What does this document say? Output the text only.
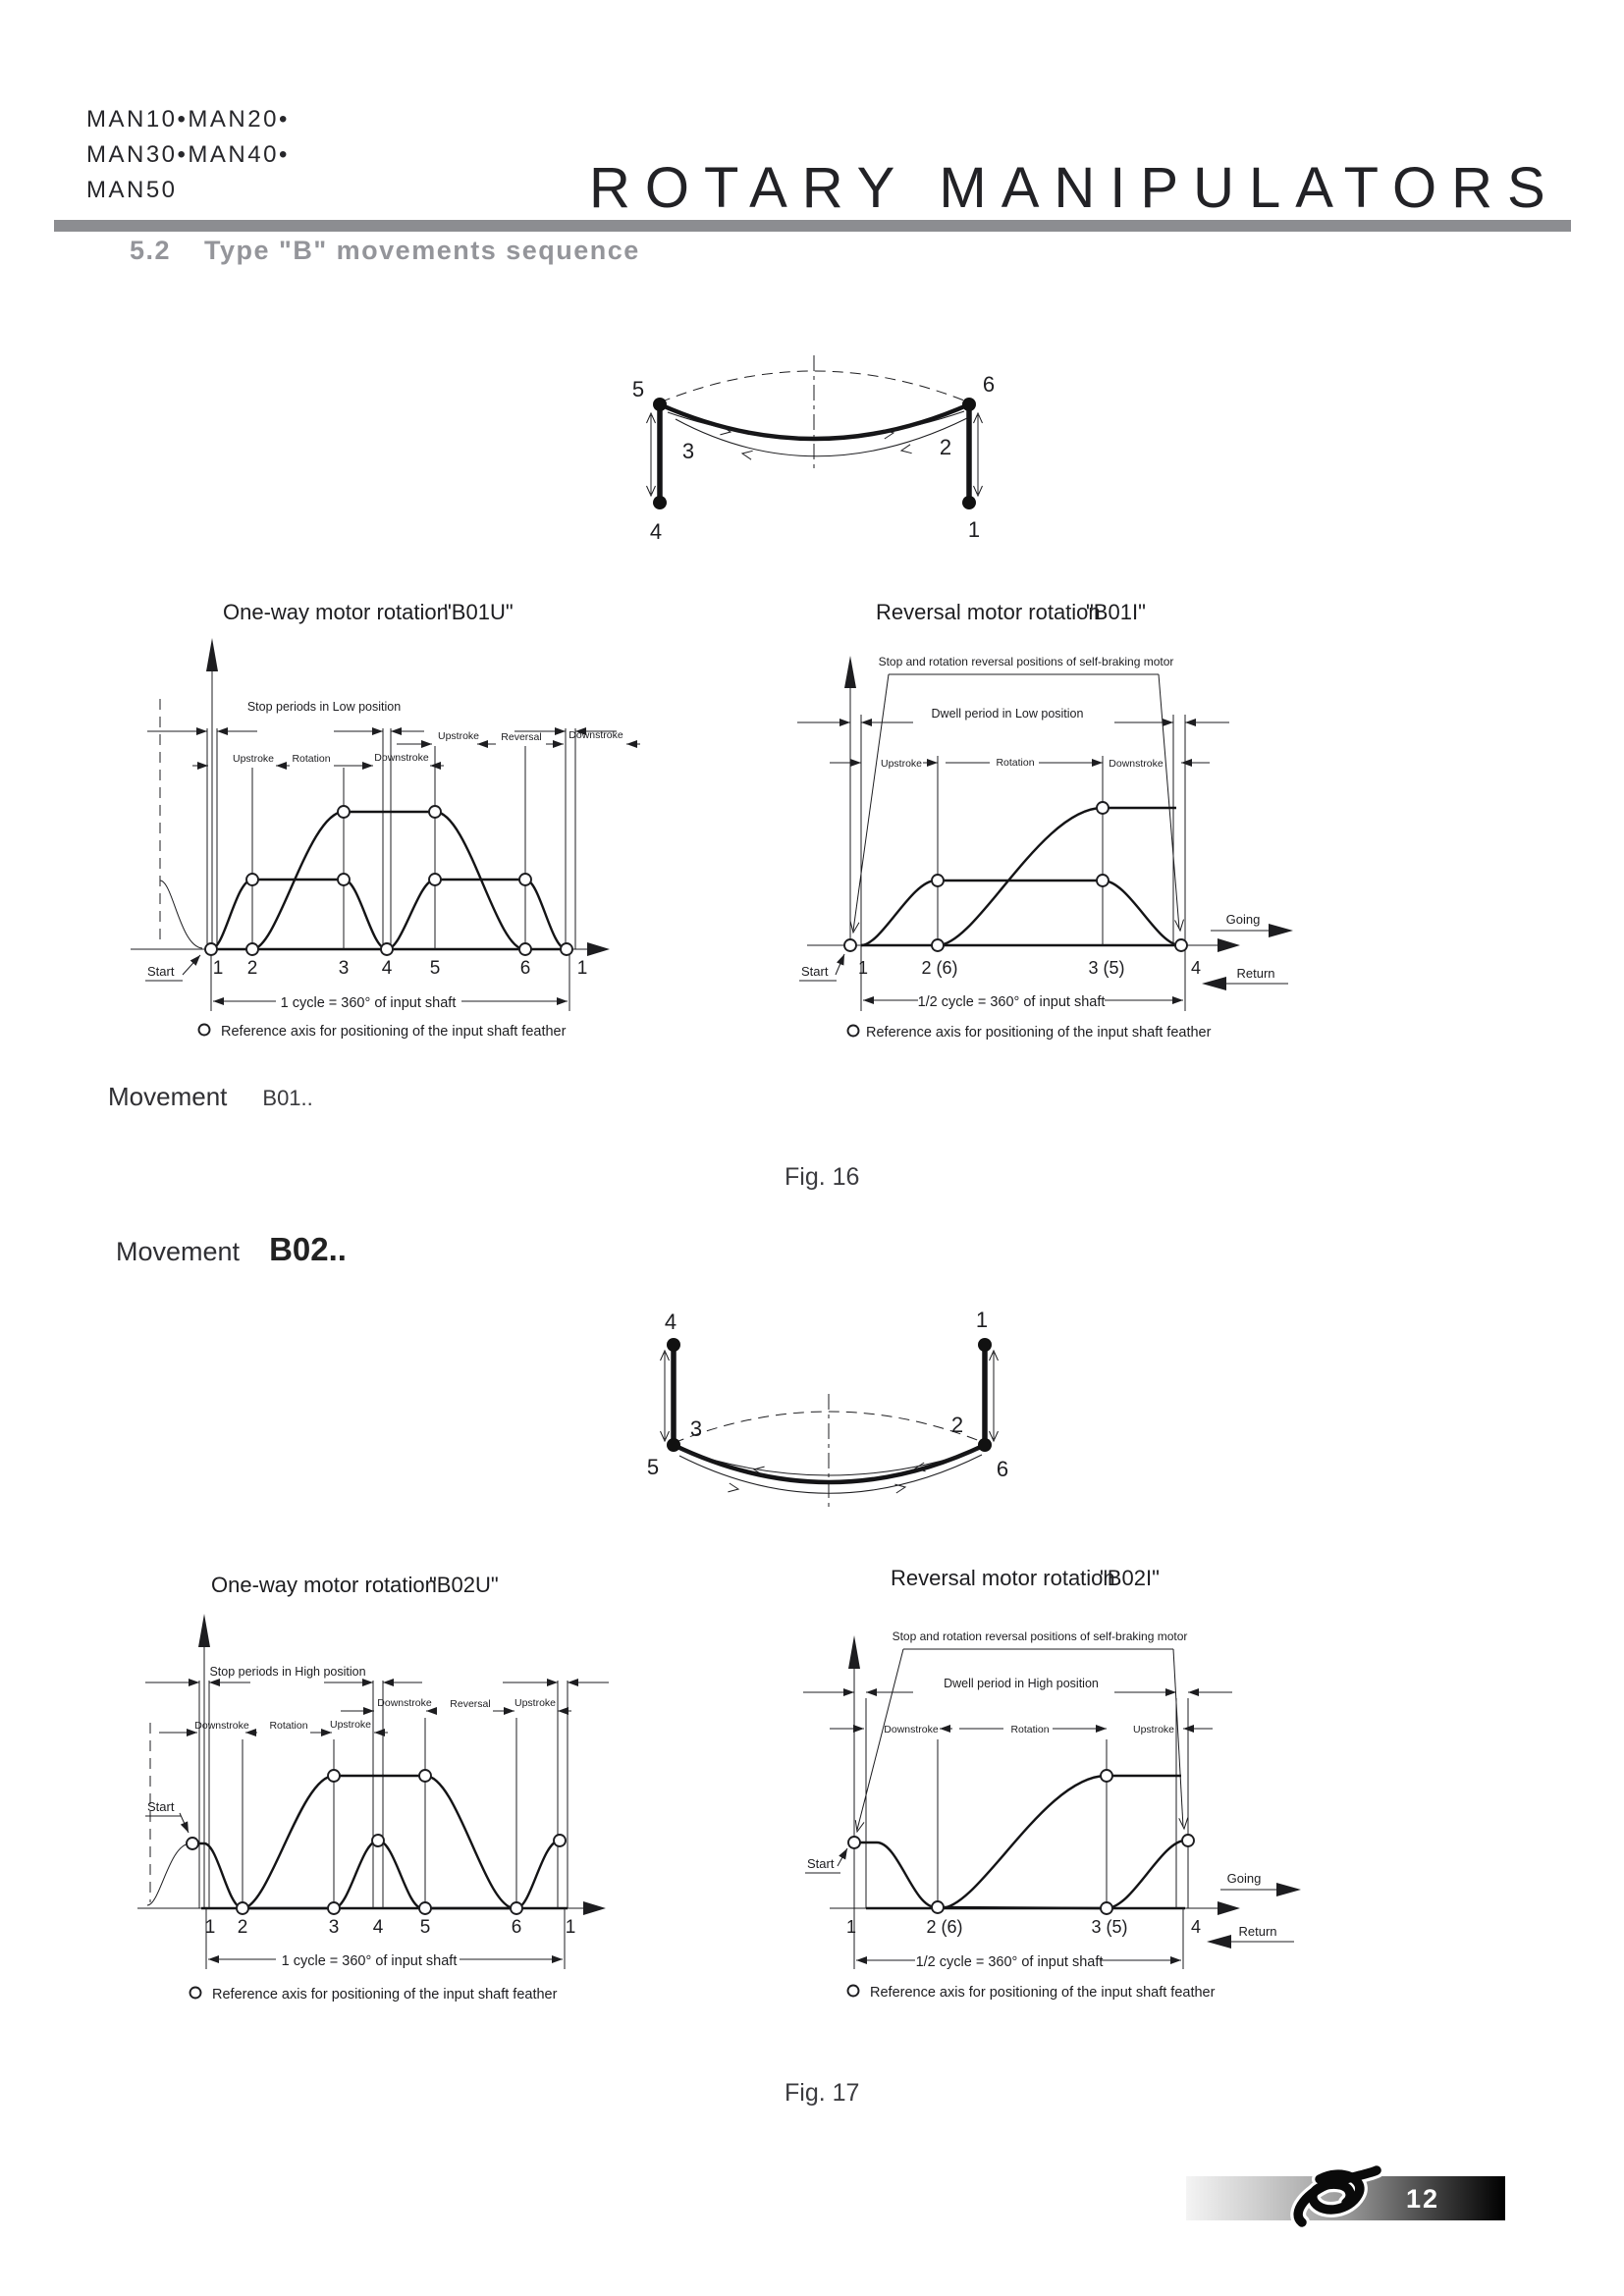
MAN10•MAN20•
MAN30•MAN40•
MAN50	ROTARY MANIPULATORS
5.2 Type "B" movements sequence
5	6
3	2
4	1
One-way motor rotation
"B01U"
Stop periods in Low position
Upstroke Reversal	Downstroke
Upstroke Rotation	Downstroke
1 2	3 4 5	6 1
Start
1 cycle = 360° of input shaft
Reference axis for positioning of the input shaft feather
Reversal motor rotation
"B01I"
Stop and rotation reversal positions of self-braking motor
Dwell period in Low position
Upstroke	Rotation	Downstroke
1	2 (6)	3 (5)	4
Start
Going
Return
1/2 cycle = 360° of input shaft
Reference axis for positioning of the input shaft feather
Movement B01..
Fig. 16
Movement B02..
4	1
3	2
5	6
One-way motor rotation
"B02U"
Stop periods in High position
Downstroke Reversal Upstroke
Downstroke Rotation Upstroke
1 2	3 4 5	6 1
Start
1 cycle = 360° of input shaft
Reference axis for positioning of the input shaft feather
Reversal motor rotation
"B02I"
Stop and rotation reversal positions of self-braking motor
Dwell period in High position
Downstroke	Rotation	Upstroke
1	2 (6)	3 (5)	4
Start
Going
Return
1/2 cycle = 360° of input shaft
Reference axis for positioning of the input shaft feather
Fig. 17
12
